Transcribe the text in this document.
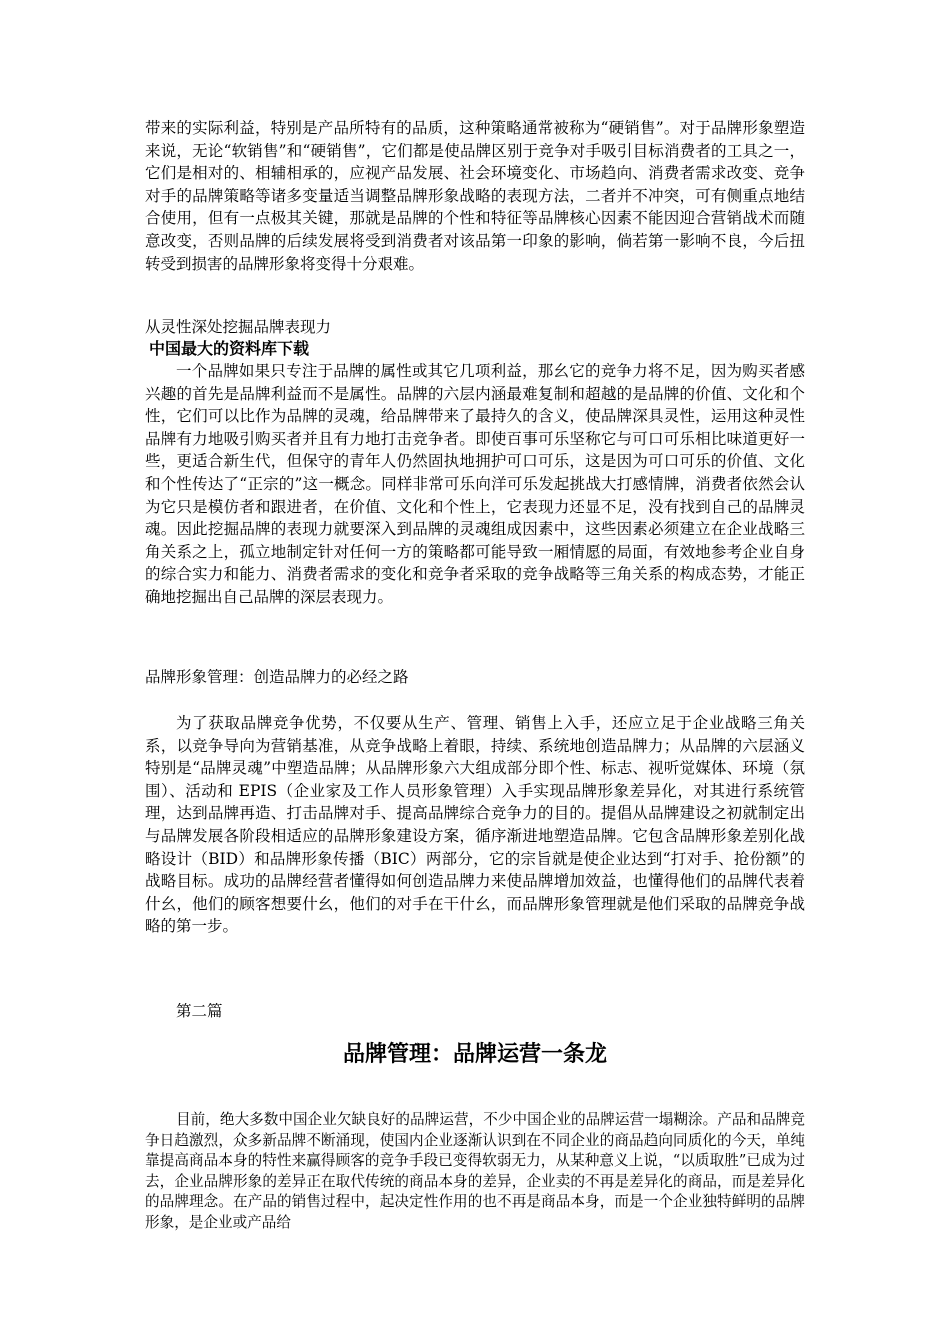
带来的实际利益，特别是产品所特有的品质，这种策略通常被称为“硬销售”。对于品牌形象塑造来说，无论“软销售”和“硬销售”，它们都是使品牌区别于竞争对手吸引目标消费者的工具之一，它们是相对的、相辅相承的，应视产品发展、社会环境变化、市场趋向、消费者需求改变、竞争对手的品牌策略等诸多变量适当调整品牌形象战略的表现方法，二者并不冲突，可有侧重点地结合使用，但有一点极其关键，那就是品牌的个性和特征等品牌核心因素不能因迎合营销战术而随意改变，否则品牌的后续发展将受到消费者对该品第一印象的影响，倘若第一影响不良，今后扭转受到损害的品牌形象将变得十分艰难。

从灵性深处挖掘品牌表现力

中国最大的资料库下载

一个品牌如果只专注于品牌的属性或其它几项利益，那幺它的竞争力将不足，因为购买者感兴趣的首先是品牌利益而不是属性。品牌的六层内涵最难复制和超越的是品牌的价值、文化和个性，它们可以比作为品牌的灵魂，给品牌带来了最持久的含义，使品牌深具灵性，运用这种灵性品牌有力地吸引购买者并且有力地打击竞争者。即使百事可乐坚称它与可口可乐相比味道更好一些，更适合新生代，但保守的青年人仍然固执地拥护可口可乐，这是因为可口可乐的价值、文化和个性传达了“正宗的”这一概念。同样非常可乐向洋可乐发起挑战大打感情牌，消费者依然会认为它只是模仿者和跟进者，在价值、文化和个性上，它表现力还显不足，没有找到自己的品牌灵魂。因此挖掘品牌的表现力就要深入到品牌的灵魂组成因素中，这些因素必须建立在企业战略三角关系之上，孤立地制定针对任何一方的策略都可能导致一厢情愿的局面，有效地参考企业自身的综合实力和能力、消费者需求的变化和竞争者采取的竞争战略等三角关系的构成态势，才能正确地挖掘出自己品牌的深层表现力。

品牌形象管理：创造品牌力的必经之路

为了获取品牌竞争优势，不仅要从生产、管理、销售上入手，还应立足于企业战略三角关系，以竞争导向为营销基准，从竞争战略上着眼，持续、系统地创造品牌力；从品牌的六层涵义特别是“品牌灵魂”中塑造品牌；从品牌形象六大组成部分即个性、标志、视听觉媒体、环境（氛围）、活动和 EPIS（企业家及工作人员形象管理）入手实现品牌形象差异化，对其进行系统管理，达到品牌再造、打击品牌对手、提高品牌综合竞争力的目的。提倡从品牌建设之初就制定出与品牌发展各阶段相适应的品牌形象建设方案，循序渐进地塑造品牌。它包含品牌形象差别化战略设计（BID）和品牌形象传播（BIC）两部分，它的宗旨就是使企业达到“打对手、抢份额”的战略目标。成功的品牌经营者懂得如何创造品牌力来使品牌增加效益，也懂得他们的品牌代表着什幺，他们的顾客想要什幺，他们的对手在干什幺，而品牌形象管理就是他们采取的品牌竞争战略的第一步。

第二篇

品牌管理：品牌运营一条龙

目前，绝大多数中国企业欠缺良好的品牌运营，不少中国企业的品牌运营一塌糊涂。产品和品牌竞争日趋激烈，众多新品牌不断涌现，使国内企业逐渐认识到在不同企业的商品趋向同质化的今天，单纯靠提高商品本身的特性来赢得顾客的竞争手段已变得软弱无力，从某种意义上说，“以质取胜”已成为过去，企业品牌形象的差异正在取代传统的商品本身的差异，企业卖的不再是差异化的商品，而是差异化的品牌理念。在产品的销售过程中，起决定性作用的也不再是商品本身，而是一个企业独特鲜明的品牌形象，是企业或产品给
